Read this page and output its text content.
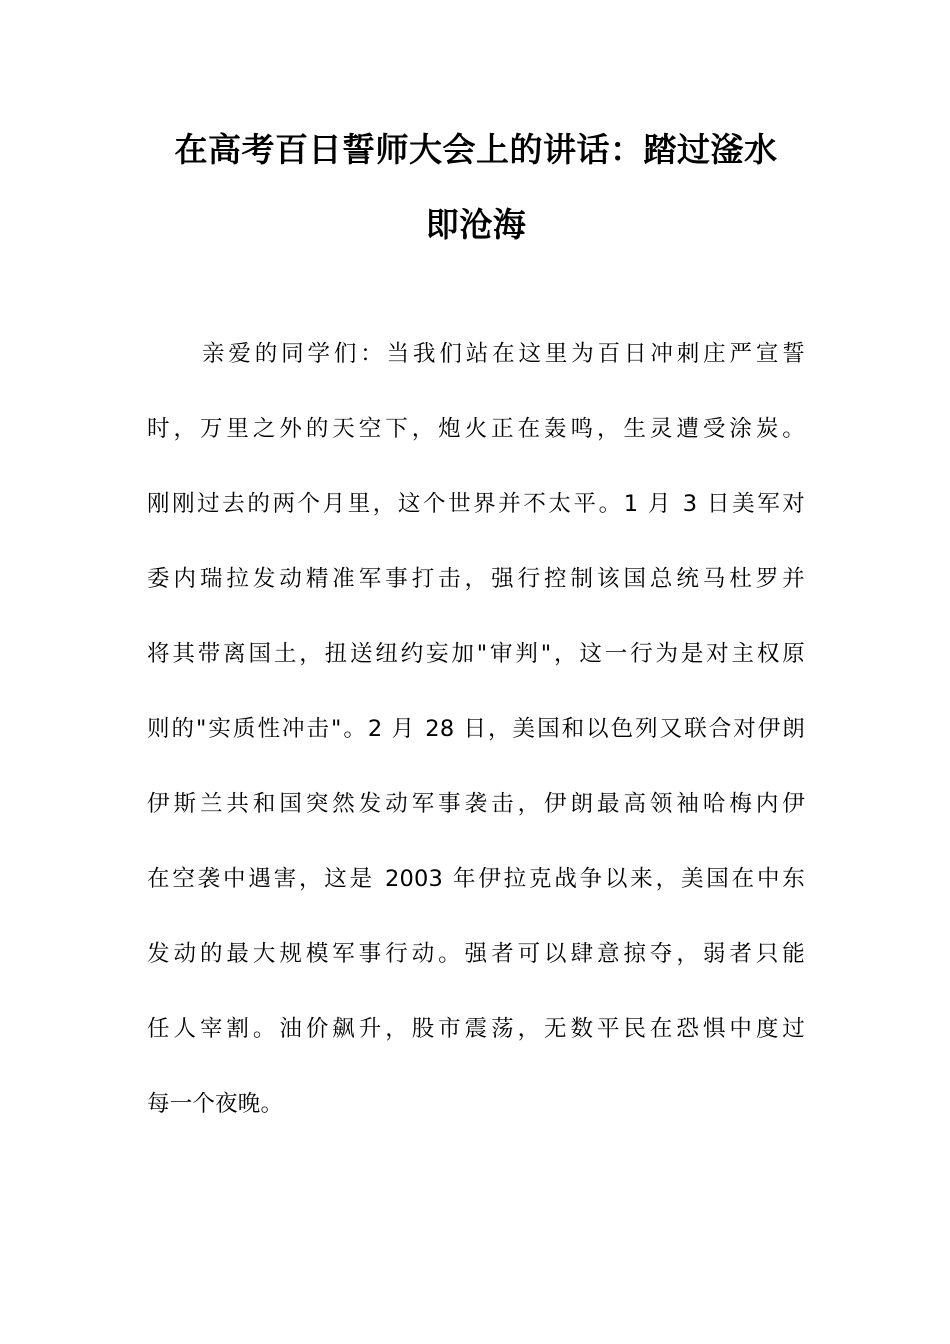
在高考百日誓师大会上的讲话：踏过滏水
即沧海
亲爱的同学们：当我们站在这里为百日冲刺庄严宣誓
时，万里之外的天空下，炮火正在轰鸣，生灵遭受涂炭。
刚刚过去的两个月里，这个世界并不太平。1 月 3 日美军对
委内瑞拉发动精准军事打击，强行控制该国总统马杜罗并
将其带离国土，扭送纽约妄加"审判"，这一行为是对主权原
则的"实质性冲击"。2 月 28 日，美国和以色列又联合对伊朗
伊斯兰共和国突然发动军事袭击，伊朗最高领袖哈梅内伊
在空袭中遇害，这是 2003 年伊拉克战争以来，美国在中东
发动的最大规模军事行动。强者可以肆意掠夺，弱者只能
任人宰割。油价飙升，股市震荡，无数平民在恐惧中度过
每一个夜晚。
